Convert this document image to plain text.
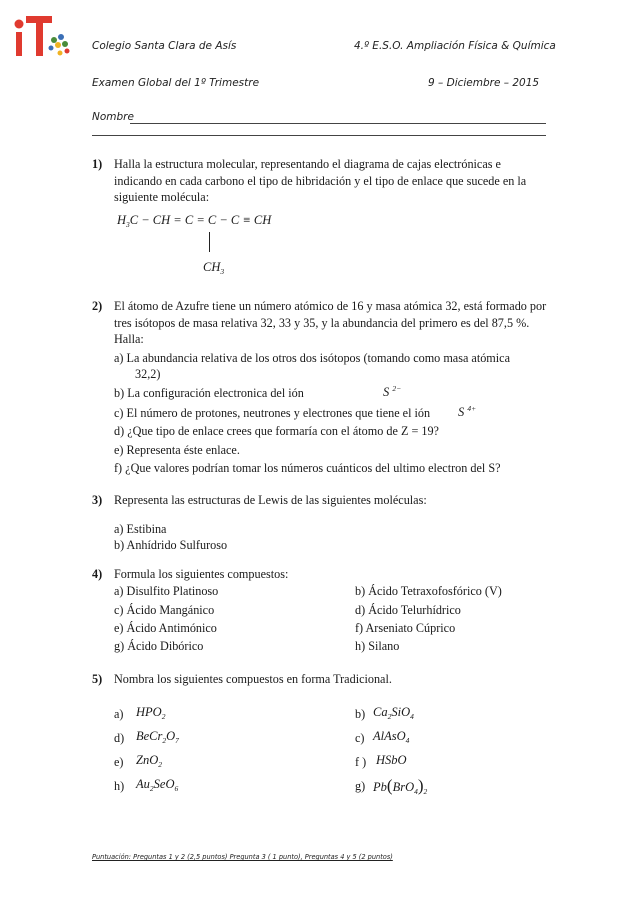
Colegio Santa Clara de Asís	4.º E.S.O. Ampliación Física & Química
Examen Global del 1º Trimestre	9 – Diciembre – 2015
Nombre
1) Halla la estructura molecular, representando el diagrama de cajas electrónicas e indicando en cada carbono el tipo de hibridación y el tipo de enlace que sucede en la siguiente molécula:
$H_3C$ − CH = C = C − C ≡ CH
$CH_3$
2) El átomo de Azufre tiene un número atómico de 16 y masa atómica 32, está formado por tres isótopos de masa relativa 32, 33 y 35, y la abundancia del primero es del 87,5 %. Halla:
a) La abundancia relativa de los otros dos isótopos (tomando como masa atómica
32,2)
b) La configuración electronica del ión	S $^{2-}$
c) El número de protones, neutrones y electrones que tiene el ión S $^{4+}$
d) ¿Que tipo de enlace crees que formaría con el átomo de Z = 19?
e) Representa éste enlace.
f) ¿Que valores podrían tomar los números cuánticos del ultimo electron del S?
3) Representa las estructuras de Lewis de las siguientes moléculas:
a) Estibina
b) Anhídrido Sulfuroso
4) Formula los siguientes compuestos:
a) Disulfito Platinoso	b) Ácido Tetraxofosfórico (V)
c) Ácido Mangánico	d) Ácido Telurhídrico
e) Ácido Antimónico	f) Arseniato Cúprico
g) Ácido Dibórico	h) Silano
5) Nombra los siguientes compuestos en forma Tradicional.
a) $HPO_2$	b) $Ca_2SiO_4$
d) $BeCr_2O_7$	c) AlAsO$_4$
e) ZnO$_2$	f ) HSbO
h) $Au_2SeO_6$	g) $Pb(BrO_4)_2$
Puntuación: Preguntas 1 y 2 (2,5 puntos) Pregunta 3 ( 1 punto), Preguntas 4 y 5 (2 puntos)
